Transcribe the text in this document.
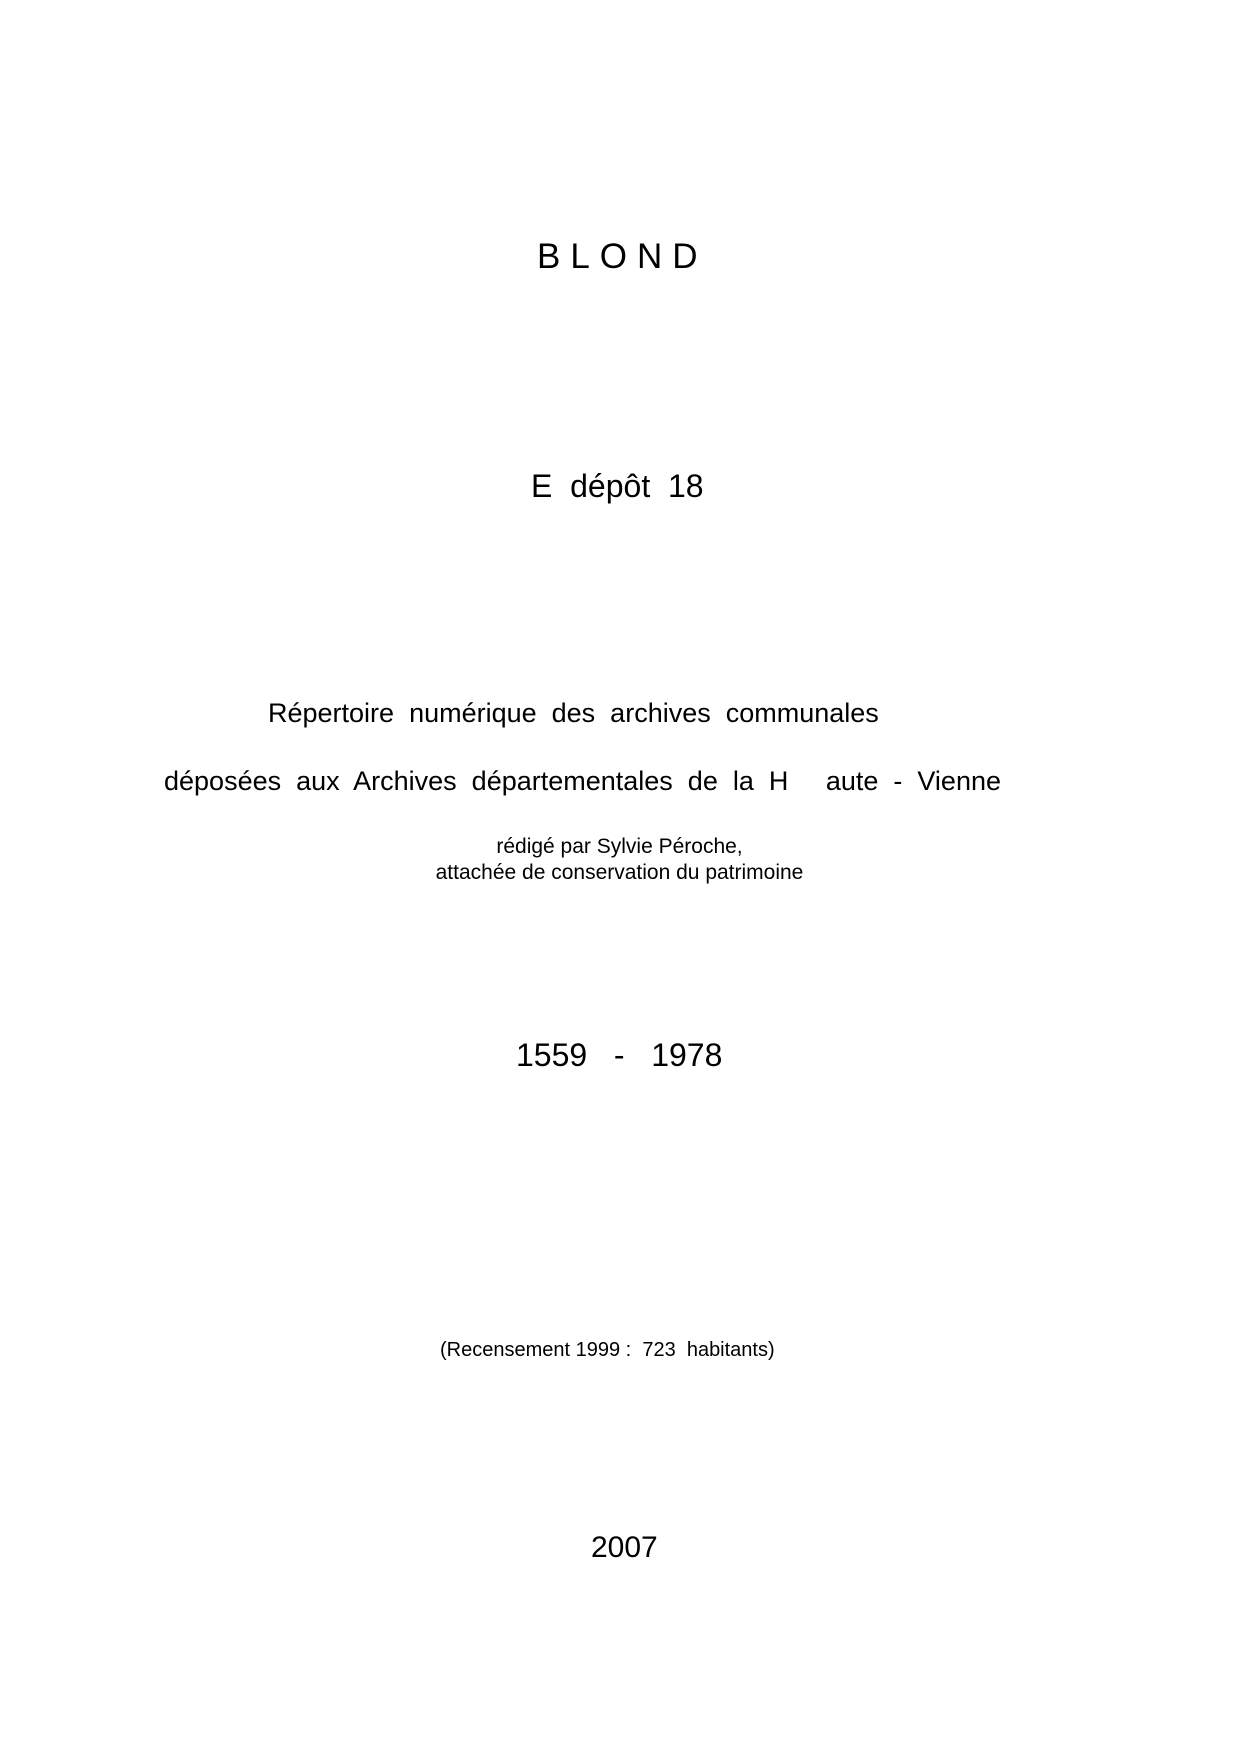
BLOND
E  dépôt  18
Répertoire  numérique  des  archives  communales
déposées  aux  Archives  départementales  de  la  H     aute  -  Vienne
rédigé par Sylvie Péroche,
attachée de conservation du patrimoine
1559   -   1978
(Recensement 1999 :  723  habitants)
2007
